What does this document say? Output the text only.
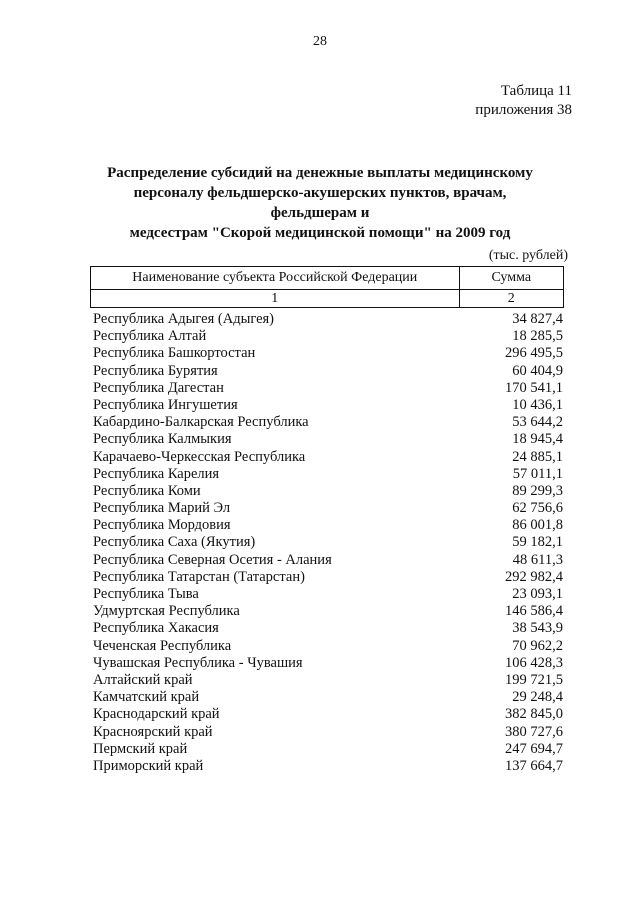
28
Таблица 11
приложения 38
Распределение субсидий на денежные выплаты медицинскому
персоналу фельдшерско-акушерских пунктов, врачам, фельдшерам и
медсестрам "Скорой медицинской помощи" на 2009 год
(тыс. рублей)
Наименование субъекта Российской Федерации	Сумма
1	2
Республика Адыгея (Адыгея)	34 827,4
Республика Алтай	18 285,5
Республика Башкортостан	296 495,5
Республика Бурятия	60 404,9
Республика Дагестан	170 541,1
Республика Ингушетия	10 436,1
Кабардино-Балкарская Республика	53 644,2
Республика Калмыкия	18 945,4
Карачаево-Черкесская Республика	24 885,1
Республика Карелия	57 011,1
Республика Коми	89 299,3
Республика Марий Эл	62 756,6
Республика Мордовия	86 001,8
Республика Саха (Якутия)	59 182,1
Республика Северная Осетия - Алания	48 611,3
Республика Татарстан (Татарстан)	292 982,4
Республика Тыва	23 093,1
Удмуртская Республика	146 586,4
Республика Хакасия	38 543,9
Чеченская Республика	70 962,2
Чувашская Республика - Чувашия	106 428,3
Алтайский край	199 721,5
Камчатский край	29 248,4
Краснодарский край	382 845,0
Красноярский край	380 727,6
Пермский край	247 694,7
Приморский край	137 664,7
